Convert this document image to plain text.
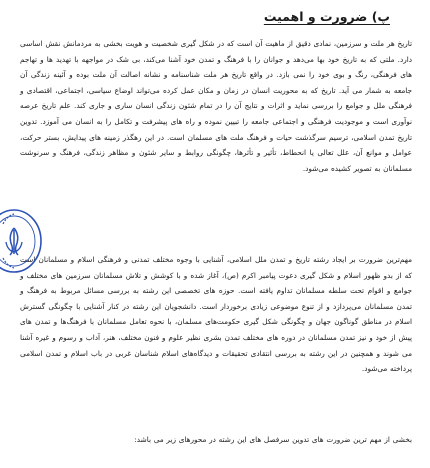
پ) ضرورت و اهمیت
تاریخ هر ملت و سرزمین، نمادی دقیق از ماهیت آن است که در شکل گیری شخصیت و هویت بخشی به مردمانش نقش اساسی دارد. ملتی که به تاریخ خود بها می‌دهد و جوانان را با فرهنگ و تمدن خود آشنا می‌کند، بی شک در مواجهه با تهدید ها و تهاجم های فرهنگی، رنگ و بوی خود را نمی بازد. در واقع تاریخ هر ملت شناسنامه و نشانه اصالت آن ملت بوده و آئینه زندگی آن جامعه به شمار می آید. تاریخ که به محوریت انسان در زمان و مکان عمل کرده می‌تواند اوضاع سیاسی، اجتماعی، اقتصادی و فرهنگی ملل و جوامع را بررسی نماید و اثرات و نتایج آن را در تمام شئون زندگی انسان ساری و جاری کند. علم تاریخ عرصه نوآوری است و موجودیت فرهنگی و اجتماعی جامعه را تبیین نموده و راه های پیشرفت و تکامل را به انسان می آموزد. تدوین تاریخ تمدن اسلامی، ترسیم سرگذشت حیات و فرهنگ ملت های مسلمان است. در این رهگذر زمینه های پیدایش، بستر حرکت، عوامل و موانع آن، علل تعالی یا انحطاط، تأثیر و تأثرها، چگونگی روابط و سایر شئون و مظاهر زندگی، فرهنگ و سرنوشت مسلمانان به تصویر کشیده می‌شود.
مهم‌ترین ضرورت بر ایجاد رشته تاریخ و تمدن ملل اسلامی، آشنایی با وجوه مختلف تمدنی و فرهنگی اسلام و مسلمانان است که از بدو ظهور اسلام و شکل گیری دعوت پیامبر اکرم (ص)، آغاز شده و با کوشش و تلاش مسلمانان سرزمین های مختلف و جوامع و اقوام تحت سلطه مسلمانان تداوم یافته است. حوزه های تخصصی این رشته به بررسی مسائل مربوط به فرهنگ و تمدن مسلمانان می‌پردازد و از تنوع موضوعی زیادی برخوردار است. دانشجویان این رشته در کنار آشنایی با چگونگی گسترش اسلام در مناطق گوناگون جهان و چگونگی شکل گیری حکومت‌های مسلمان، با نحوه تعامل مسلمانان با فرهنگ‌ها و تمدن های پیش از خود و نیز تمدن مسلمانان در دوره های مختلف تمدن بشری نظیر علوم و فنون مختلف، هنر، آداب و رسوم و غیره آشنا می شوند و همچنین در این رشته به بررسی انتقادی تحقیقات و دیدگاه‌های اسلام شناسان غربی در باب اسلام و تمدن اسلامی پرداخته می‌شود.
بخشی از مهم ترین ضرورت های تدوین سرفصل های این رشته در محورهای زیر می باشد:
